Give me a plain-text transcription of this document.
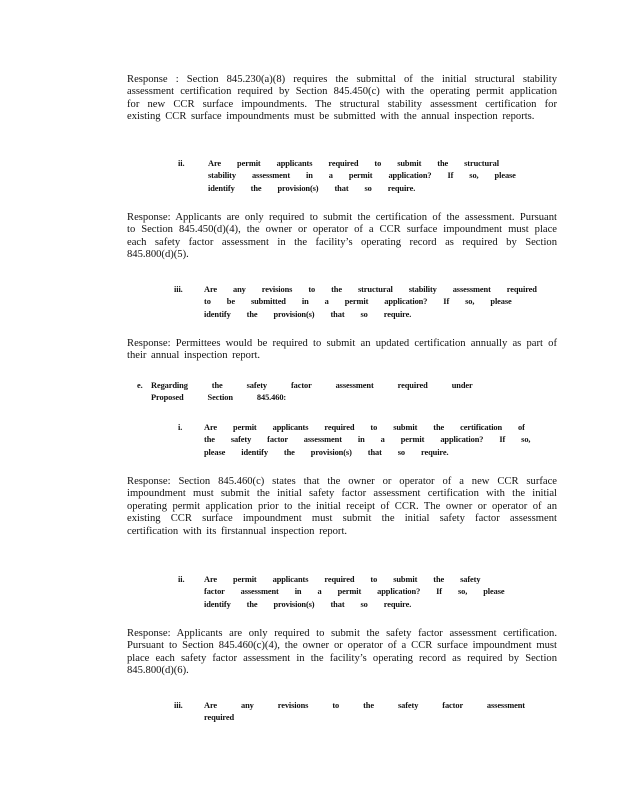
Response : Section 845.230(a)(8) requires the submittal of the initial structural stability assessment certification required by Section 845.450(c) with the operating permit application for new CCR surface impoundments. The structural stability assessment certification for existing CCR surface impoundments must be submitted with the annual inspection reports.

ii.	Are permit applicants required to submit the structural stability assessment in a permit application? If so, please identify the provision(s) that so require.

Response: Applicants are only required to submit the certification of the assessment. Pursuant to Section 845.450(d)(4), the owner or operator of a CCR surface impoundment must place each safety factor assessment in the facility’s operating record as required by Section 845.800(d)(5).

iii.	Are any revisions to the structural stability assessment required to be submitted in a permit application? If so, please identify the provision(s) that so require.

Response: Permittees would be required to submit an updated certification annually as part of their annual inspection report.

e. Regarding the safety factor assessment required under Proposed Section 845.460:
i.	Are permit applicants required to submit the certification of the safety factor assessment in a permit application? If so, please identify the provision(s) that so require.

Response: Section 845.460(c) states that the owner or operator of a new CCR surface impoundment must submit the initial safety factor assessment certification with the initial operating permit application prior to the initial receipt of CCR. The owner or operator of an existing CCR surface impoundment must submit the initial safety factor assessment certification with its firstannual inspection report.

ii. Are permit applicants required to submit the safety factor assessment in a permit application? If so, please identify the provision(s) that so require.

Response: Applicants are only required to submit the safety factor assessment certification. Pursuant to Section 845.460(c)(4), the owner or operator of a CCR surface impoundment must place each safety factor assessment in the facility’s operating record as required by Section 845.800(d)(6).

iii.	Are any revisions to the safety factor assessment required
